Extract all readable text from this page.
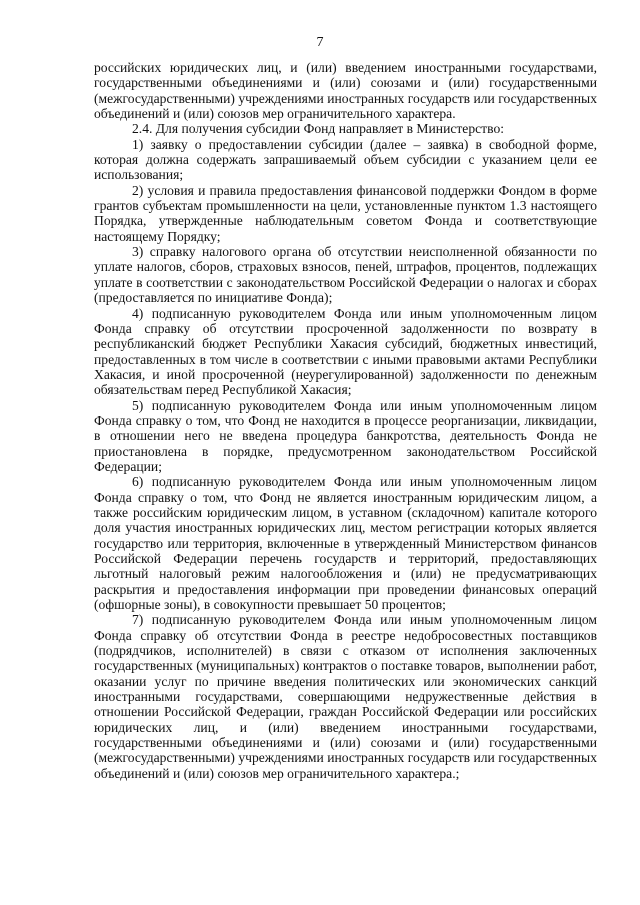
7

российских юридических лиц, и (или) введением иностранными государствами, государственными объединениями и (или) союзами и (или) государственными (межгосударственными) учреждениями иностранных государств или государственных объединений и (или) союзов мер ограничительного характера.

2.4. Для получения субсидии Фонд направляет в Министерство:

1) заявку о предоставлении субсидии (далее – заявка) в свободной форме, которая должна содержать запрашиваемый объем субсидии с указанием цели ее использования;

2) условия и правила предоставления финансовой поддержки Фондом в форме грантов субъектам промышленности на цели, установленные пунктом 1.3 настоящего Порядка, утвержденные наблюдательным советом Фонда и соответствующие настоящему Порядку;

3) справку налогового органа об отсутствии неисполненной обязанности по уплате налогов, сборов, страховых взносов, пеней, штрафов, процентов, подлежащих уплате в соответствии с законодательством Российской Федерации о налогах и сборах (предоставляется по инициативе Фонда);

4) подписанную руководителем Фонда или иным уполномоченным лицом Фонда справку об отсутствии просроченной задолженности по возврату в республиканский бюджет Республики Хакасия субсидий, бюджетных инвестиций, предоставленных в том числе в соответствии с иными правовыми актами Республики Хакасия, и иной просроченной (неурегулированной) задолженности по денежным обязательствам перед Республикой Хакасия;

5) подписанную руководителем Фонда или иным уполномоченным лицом Фонда справку о том, что Фонд не находится в процессе реорганизации, ликвидации, в отношении него не введена процедура банкротства, деятельность Фонда не приостановлена в порядке, предусмотренном законодательством Российской Федерации;

6) подписанную руководителем Фонда или иным уполномоченным лицом Фонда справку о том, что Фонд не является иностранным юридическим лицом, а также российским юридическим лицом, в уставном (складочном) капитале которого доля участия иностранных юридических лиц, местом регистрации которых является государство или территория, включенные в утвержденный Министерством финансов Российской Федерации перечень государств и территорий, предоставляющих льготный налоговый режим налогообложения и (или) не предусматривающих раскрытия и предоставления информации при проведении финансовых операций (офшорные зоны), в совокупности превышает 50 процентов;

7) подписанную руководителем Фонда или иным уполномоченным лицом Фонда справку об отсутствии Фонда в реестре недобросовестных поставщиков (подрядчиков, исполнителей) в связи с отказом от исполнения заключенных государственных (муниципальных) контрактов о поставке товаров, выполнении работ, оказании услуг по причине введения политических или экономических санкций иностранными государствами, совершающими недружественные действия в отношении Российской Федерации, граждан Российской Федерации или российских юридических лиц, и (или) введением иностранными государствами, государственными объединениями и (или) союзами и (или) государственными (межгосударственными) учреждениями иностранных государств или государственных объединений и (или) союзов мер ограничительного характера.;
